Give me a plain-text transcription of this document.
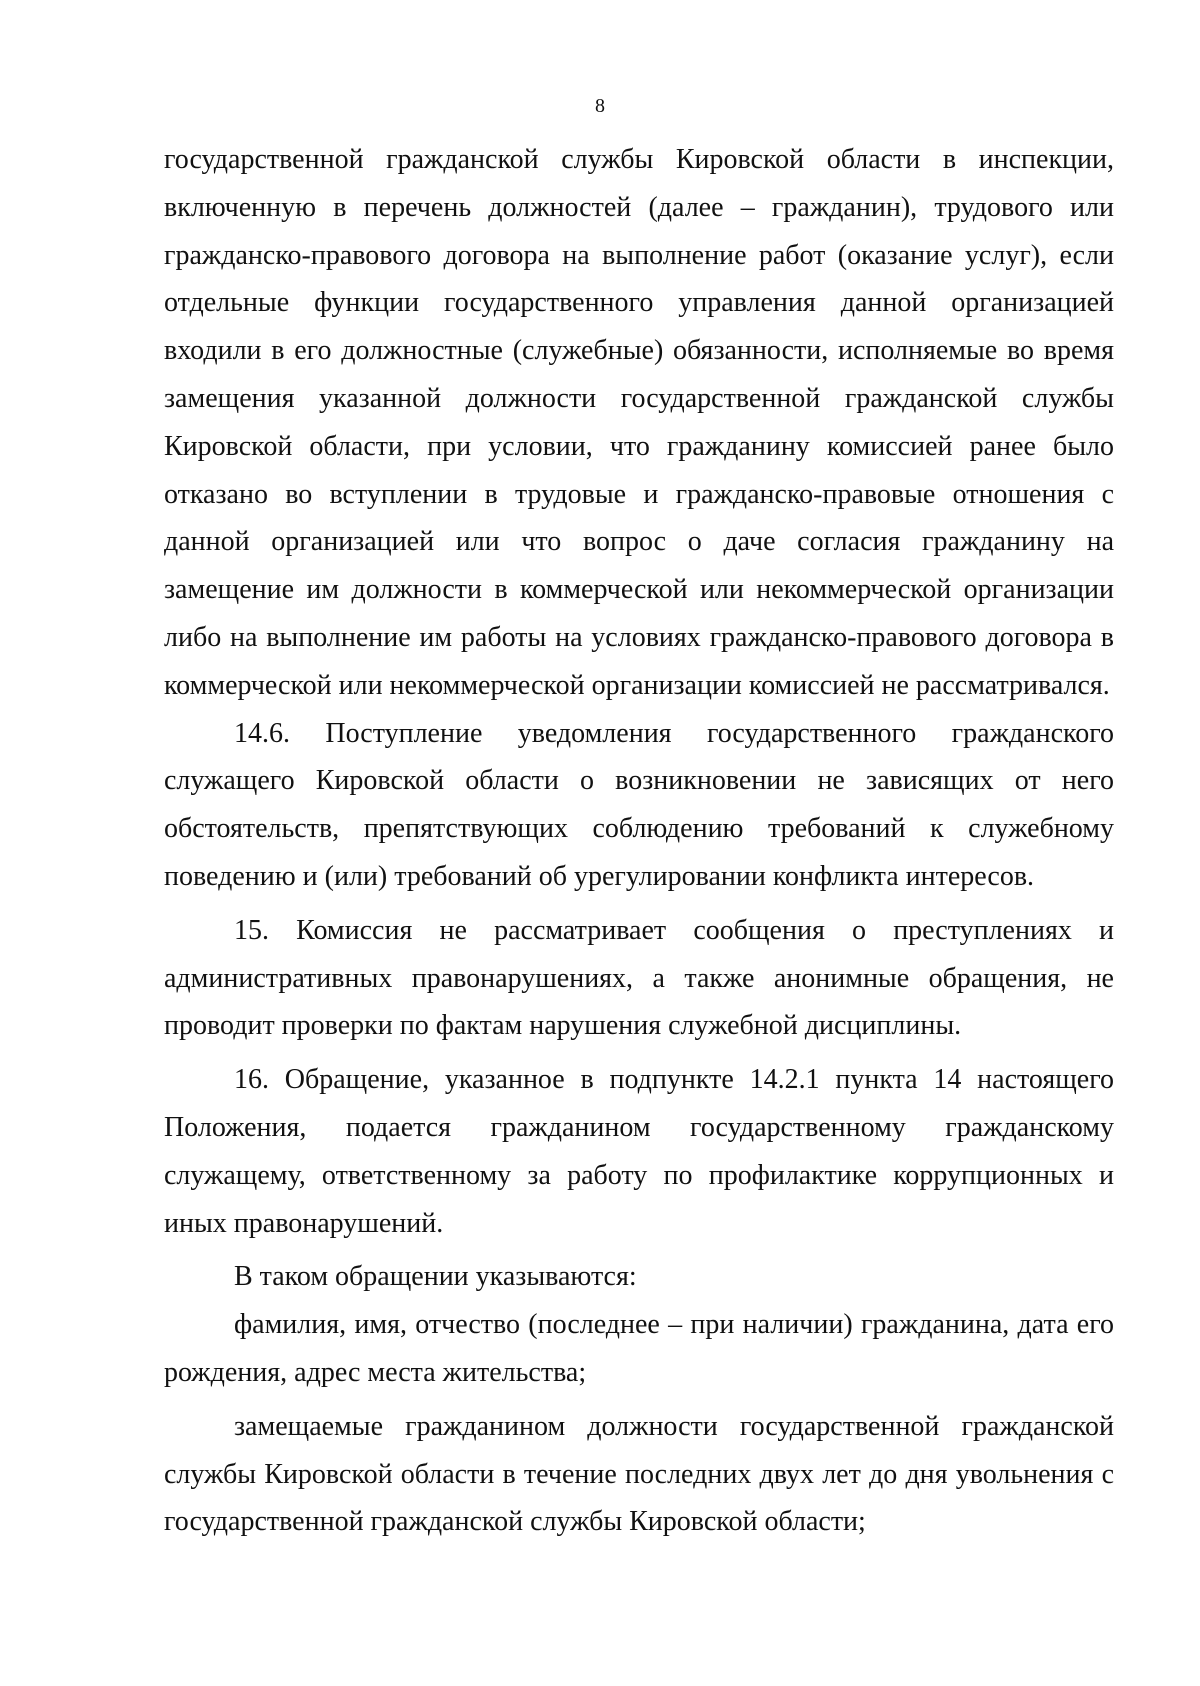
8

государственной гражданской службы Кировской области в инспекции, включенную в перечень должностей (далее – гражданин), трудового или гражданско-правового договора на выполнение работ (оказание услуг), если отдельные функции государственного управления данной организацией входили в его должностные (служебные) обязанности, исполняемые во время замещения указанной должности государственной гражданской службы Кировской области, при условии, что гражданину комиссией ранее было отказано во вступлении в трудовые и гражданско-правовые отношения с данной организацией или что вопрос о даче согласия гражданину на замещение им должности в коммерческой или некоммерческой организации либо на выполнение им работы на условиях гражданско-правового договора в коммерческой или некоммерческой организации комиссией не рассматривался.

14.6. Поступление уведомления государственного гражданского служащего Кировской области о возникновении не зависящих от него обстоятельств, препятствующих соблюдению требований к служебному поведению и (или) требований об урегулировании конфликта интересов.

15. Комиссия не рассматривает сообщения о преступлениях и административных правонарушениях, а также анонимные обращения, не проводит проверки по фактам нарушения служебной дисциплины.

16. Обращение, указанное в подпункте 14.2.1 пункта 14 настоящего Положения, подается гражданином государственному гражданскому служащему, ответственному за работу по профилактике коррупционных и иных правонарушений.

В таком обращении указываются:

фамилия, имя, отчество (последнее – при наличии) гражданина, дата его рождения, адрес места жительства;

замещаемые гражданином должности государственной гражданской службы Кировской области в течение последних двух лет до дня увольнения с государственной гражданской службы Кировской области;
